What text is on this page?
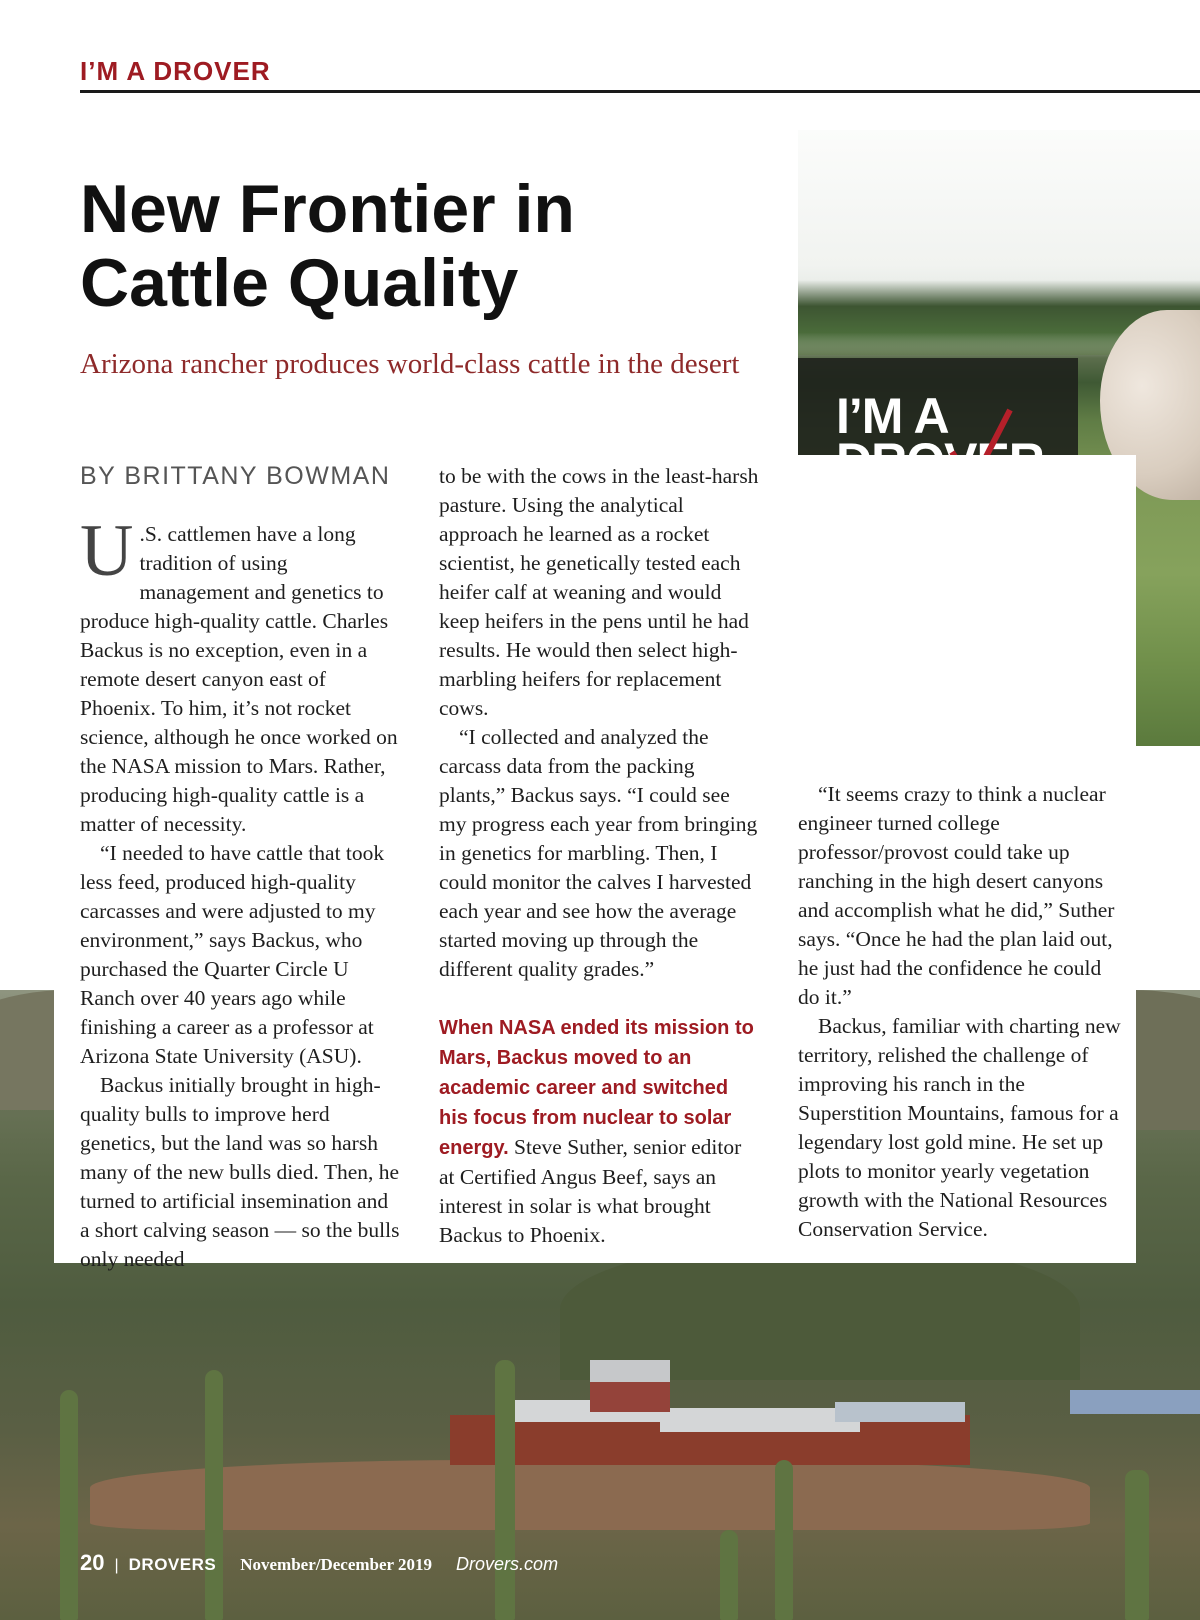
I’M A DROVER
I’M A
New Frontier in Cattle Quality
Arizona rancher produces world-class cattle in the desert
BY BRITTANY BOWMAN

U .S. cattlemen have a long tradition of using management and genetics to produce high-quality cattle. Charles Backus is no exception, even in a remote desert canyon east of Phoenix. To him, it’s not rocket science, although he once worked on the NASA mission to Mars. Rather, producing high-quality cattle is a matter of necessity.

“I needed to have cattle that took less feed, produced high-quality carcasses and were adjusted to my environment,” says Backus, who purchased the Quarter Circle U Ranch over 40 years ago while finishing a career as a professor at Arizona State University (ASU).

Backus initially brought in high-quality bulls to improve herd genetics, but the land was so harsh many of the new bulls died. Then, he turned to artificial insemination and a short calving season — so the bulls only needed

to be with the cows in the least-harsh pasture. Using the analytical approach he learned as a rocket scientist, he genetically tested each heifer calf at weaning and would keep heifers in the pens until he had results. He would then select high-marbling heifers for replacement cows.

“I collected and analyzed the carcass data from the packing plants,” Backus says. “I could see my progress each year from bringing in genetics for marbling. Then, I could monitor the calves I harvested each year and see how the average started moving up through the different quality grades.”

When NASA ended its mission to Mars, Backus moved to an academic career and switched his focus from nuclear to solar energy. Steve Suther, senior editor at Certified Angus Beef, says an interest in solar is what brought Backus to Phoenix.

“It seems crazy to think a nuclear engineer turned college professor/provost could take up ranching in the high desert canyons and accomplish what he did,” Suther says. “Once he had the plan laid out, he just had the confidence he could do it.”

Backus, familiar with charting new territory, relished the challenge of improving his ranch in the Superstition Mountains, famous for a legendary lost gold mine. He set up plots to monitor yearly vegetation growth with the National Resources Conservation Service.

20 | DROVERS November/December 2019 Drovers.com
